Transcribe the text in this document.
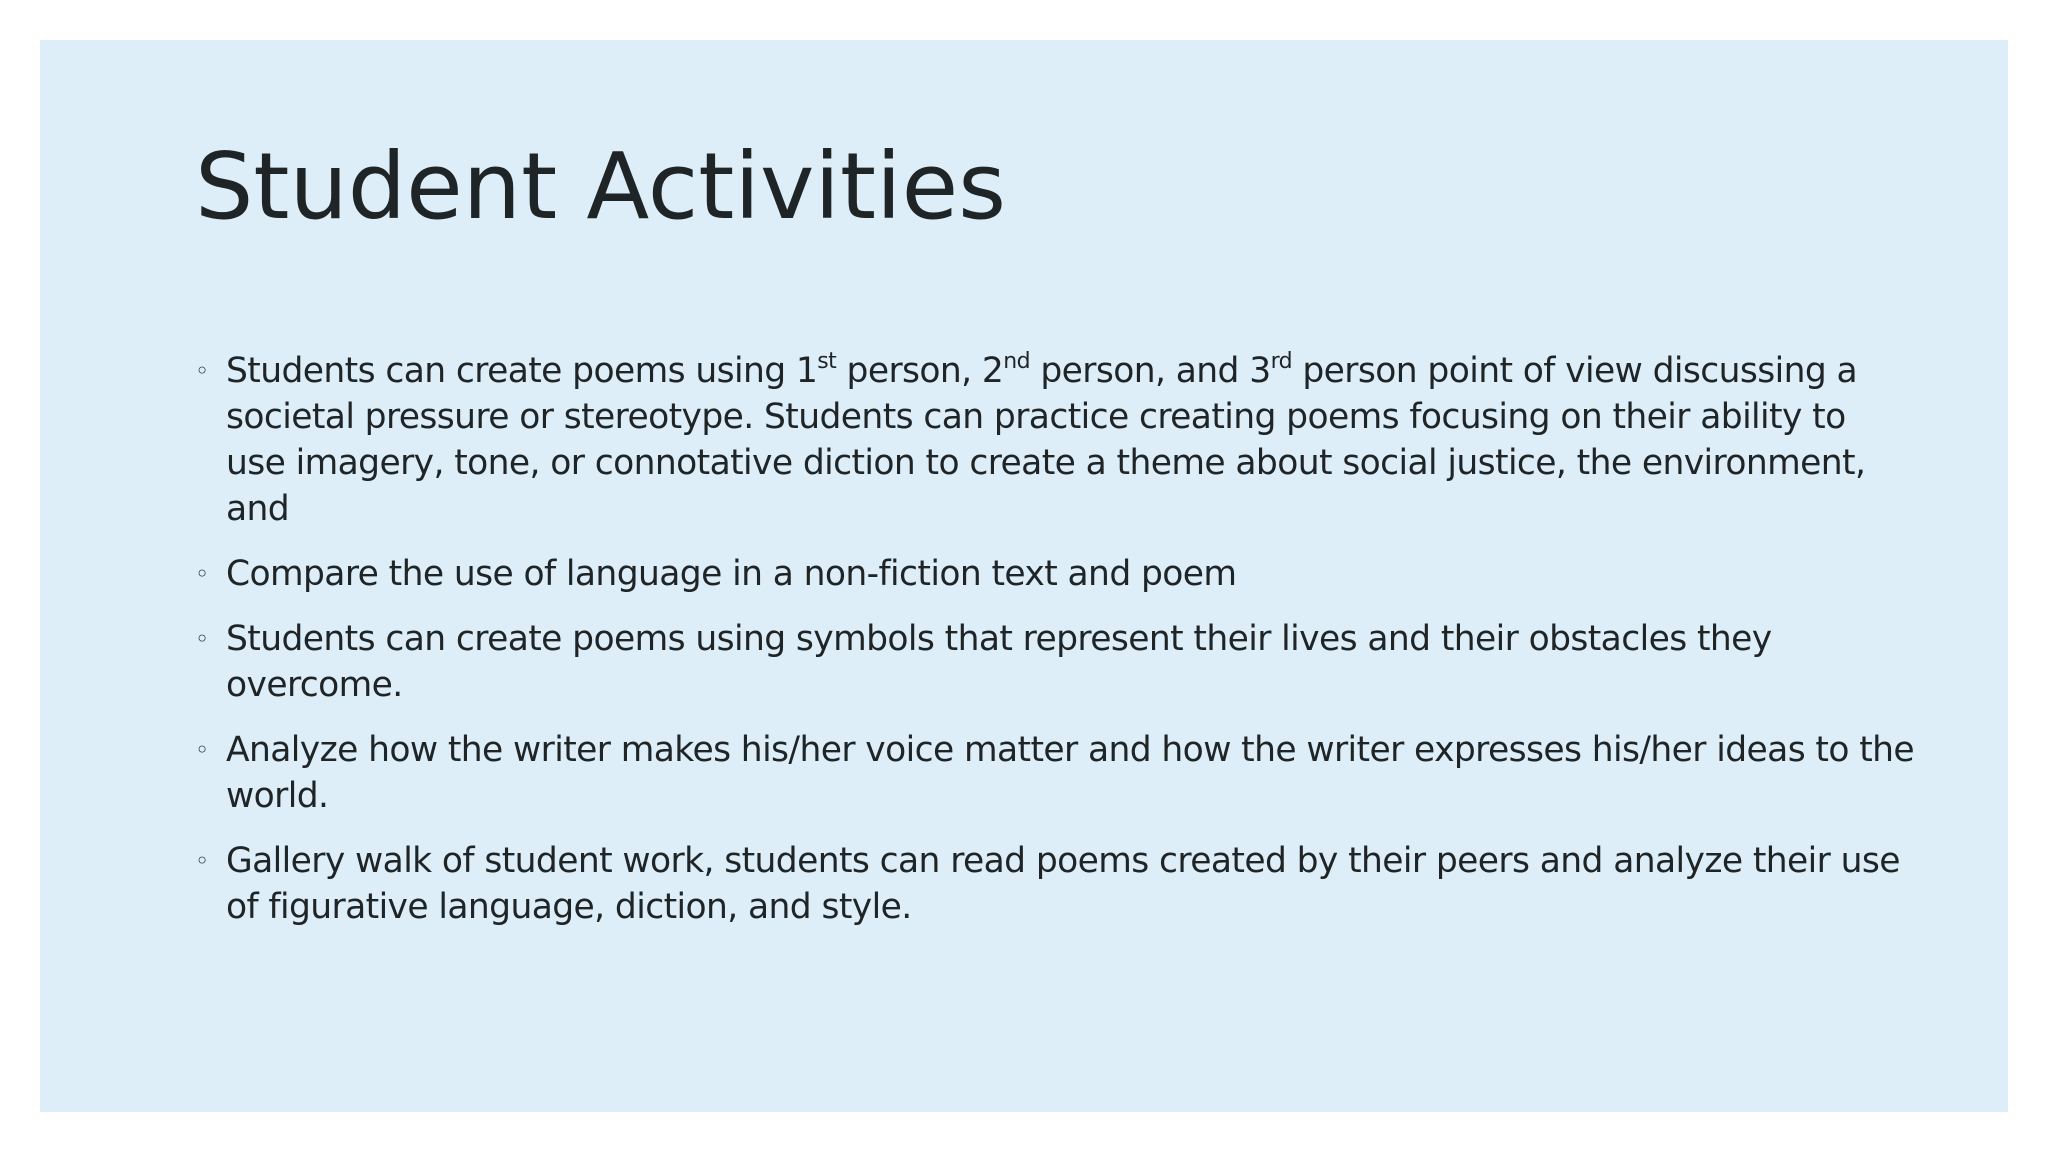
Student Activities
◦ Students can create poems using 1st person, 2nd person, and 3rd person point of view discussing a societal pressure or stereotype. Students can practice creating poems focusing on their ability to use imagery, tone, or connotative diction to create a theme about social justice, the environment, and
◦ Compare the use of language in a non-fiction text and poem
◦ Students can create poems using symbols that represent their lives and their obstacles they overcome.
◦ Analyze how the writer makes his/her voice matter and how the writer expresses his/her ideas to the world.
◦ Gallery walk of student work, students can read poems created by their peers and analyze their use of figurative language, diction, and style.
